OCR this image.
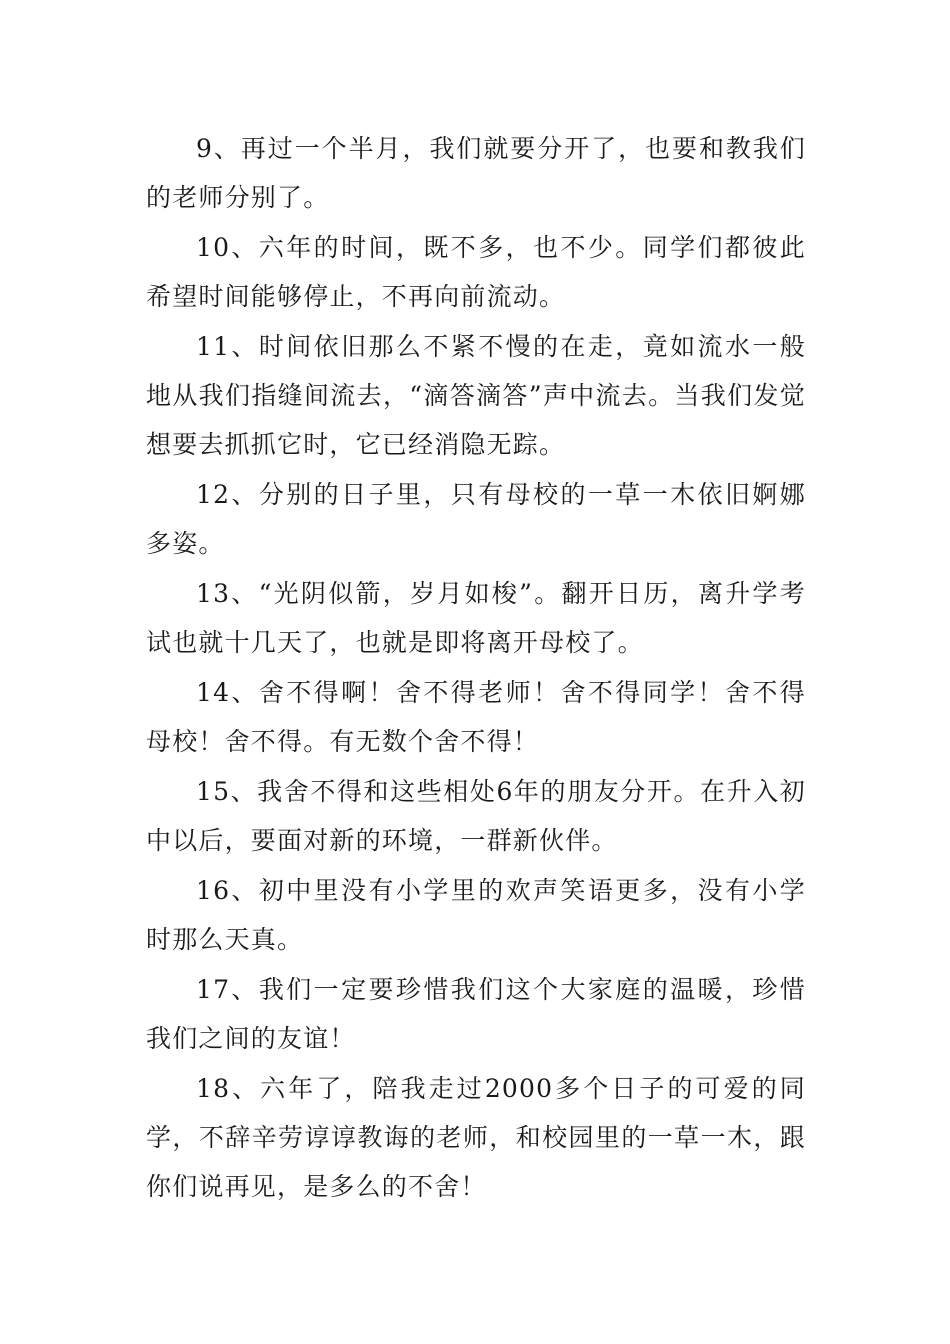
9、再过一个半月，我们就要分开了，也要和教我们的老师分别了。

10、六年的时间，既不多，也不少。同学们都彼此希望时间能够停止，不再向前流动。

11、时间依旧那么不紧不慢的在走，竟如流水一般地从我们指缝间流去，“滴答滴答”声中流去。当我们发觉想要去抓抓它时，它已经消隐无踪。

12、分别的日子里，只有母校的一草一木依旧婀娜多姿。

13、“光阴似箭，岁月如梭”。翻开日历，离升学考试也就十几天了，也就是即将离开母校了。

14、舍不得啊！舍不得老师！舍不得同学！舍不得母校！舍不得。有无数个舍不得！

15、我舍不得和这些相处6年的朋友分开。在升入初中以后，要面对新的环境，一群新伙伴。

16、初中里没有小学里的欢声笑语更多，没有小学时那么天真。

17、我们一定要珍惜我们这个大家庭的温暖，珍惜我们之间的友谊！

18、六年了，陪我走过2000多个日子的可爱的同学，不辞辛劳谆谆教诲的老师，和校园里的一草一木，跟你们说再见，是多么的不舍！
